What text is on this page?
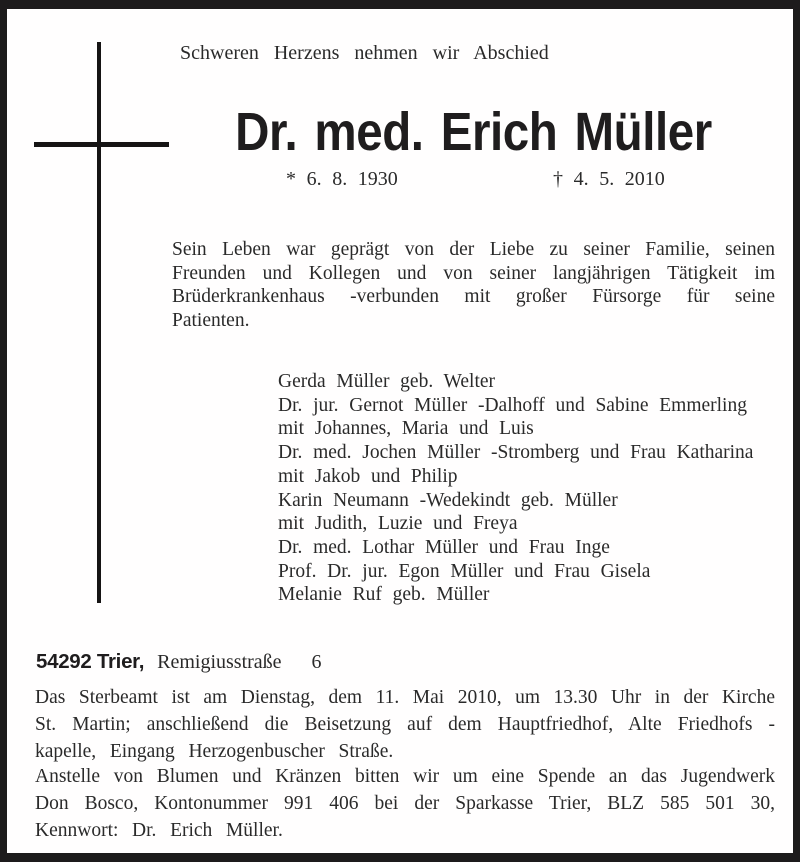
Schweren Herzens nehmen wir Abschied
Dr. med. Erich Müller
* 6. 8. 1930	† 4. 5. 2010
Sein Leben war geprägt von der Liebe zu seiner Familie, seinen
Freunden und Kollegen und von seiner langjährigen Tätigkeit im
Brüderkrankenhaus -verbunden mit großer Fürsorge für seine
Patienten.
Gerda Müller geb. Welter
Dr. jur. Gernot Müller -Dalhoff und Sabine Emmerling
mit Johannes, Maria und Luis
Dr. med. Jochen Müller -Stromberg und Frau Katharina
mit Jakob und Philip
Karin Neumann -Wedekindt geb. Müller
mit Judith, Luzie und Freya
Dr. med. Lothar Müller und Frau Inge
Prof. Dr. jur. Egon Müller und Frau Gisela
Melanie Ruf geb. Müller
54292 Trier, Remigiusstraße 6
Das Sterbeamt ist am Dienstag, dem 11. Mai 2010, um 13.30 Uhr in der Kirche
St. Martin; anschließend die Beisetzung auf dem Hauptfriedhof, Alte Friedhofs -
kapelle, Eingang Herzogenbuscher Straße.
Anstelle von Blumen und Kränzen bitten wir um eine Spende an das Jugendwerk
Don Bosco, Kontonummer 991 406 bei der Sparkasse Trier, BLZ 585 501 30,
Kennwort: Dr. Erich Müller.
